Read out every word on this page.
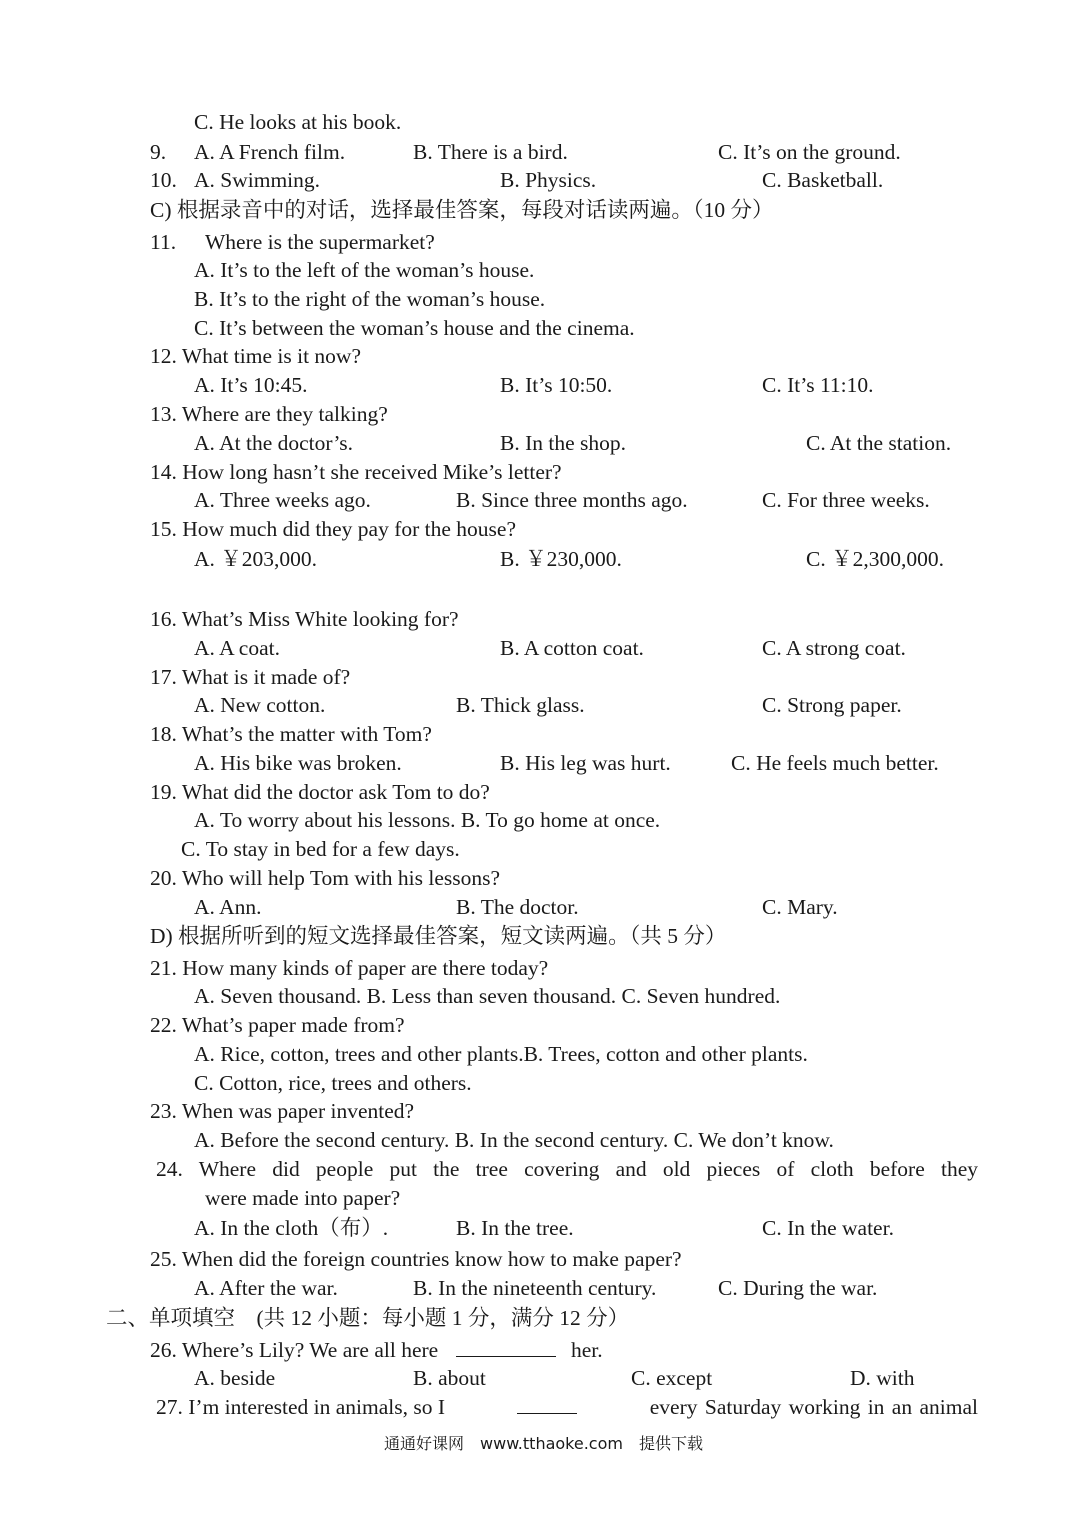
C. He looks at his book.
9. A. A French film.	B. There is a bird.	C. It’s on the ground.
10. A. Swimming.	B. Physics.	C. Basketball.
C) 根据录音中的对话，选择最佳答案，每段对话读两遍。（10 分）
11. Where is the supermarket?
A. It’s to the left of the woman’s house.
B. It’s to the right of the woman’s house.
C. It’s between the woman’s house and the cinema.
12. What time is it now?
A. It’s 10:45.	B. It’s 10:50.	C. It’s 11:10.
13. Where are they talking?
A. At the doctor’s.	B. In the shop.	C. At the station.
14. How long hasn’t she received Mike’s letter?
A. Three weeks ago.	B. Since three months ago.	C. For three weeks.
15. How much did they pay for the house?
A. ￥203,000.	B. ￥230,000.	C. ￥2,300,000.
16. What’s Miss White looking for?
A. A coat.	B. A cotton coat.	C. A strong coat.
17. What is it made of?
A. New cotton.	B. Thick glass.	C. Strong paper.
18. What’s the matter with Tom?
A. His bike was broken.	B. His leg was hurt.	C. He feels much better.
19. What did the doctor ask Tom to do?
A. To worry about his lessons. B. To go home at once.
C. To stay in bed for a few days.
20. Who will help Tom with his lessons?
A. Ann.	B. The doctor.	C. Mary.
D) 根据所听到的短文选择最佳答案，短文读两遍。（共 5 分）
21. How many kinds of paper are there today?
A. Seven thousand. B. Less than seven thousand. C. Seven hundred.
22. What’s paper made from?
A. Rice, cotton, trees and other plants.B. Trees, cotton and other plants.
C. Cotton, rice, trees and others.
23. When was paper invented?
A. Before the second century. B. In the second century. C. We don’t know.
24. Where did people put the tree covering and old pieces of cloth before they
were made into paper?
A. In the cloth（布）.	B. In the tree.	C. In the water.
25. When did the foreign countries know how to make paper?
A. After the war.	B. In the nineteenth century.	C. During the war.
二、单项填空　(共 12 小题：每小题 1 分，满分 12 分）
26. Where’s Lily? We are all here	her.
A. beside	B. about	C. except	D. with
27. I’m interested in animals, so I	every Saturday working in an animal
通通好课网　www.tthaoke.com　提供下载
